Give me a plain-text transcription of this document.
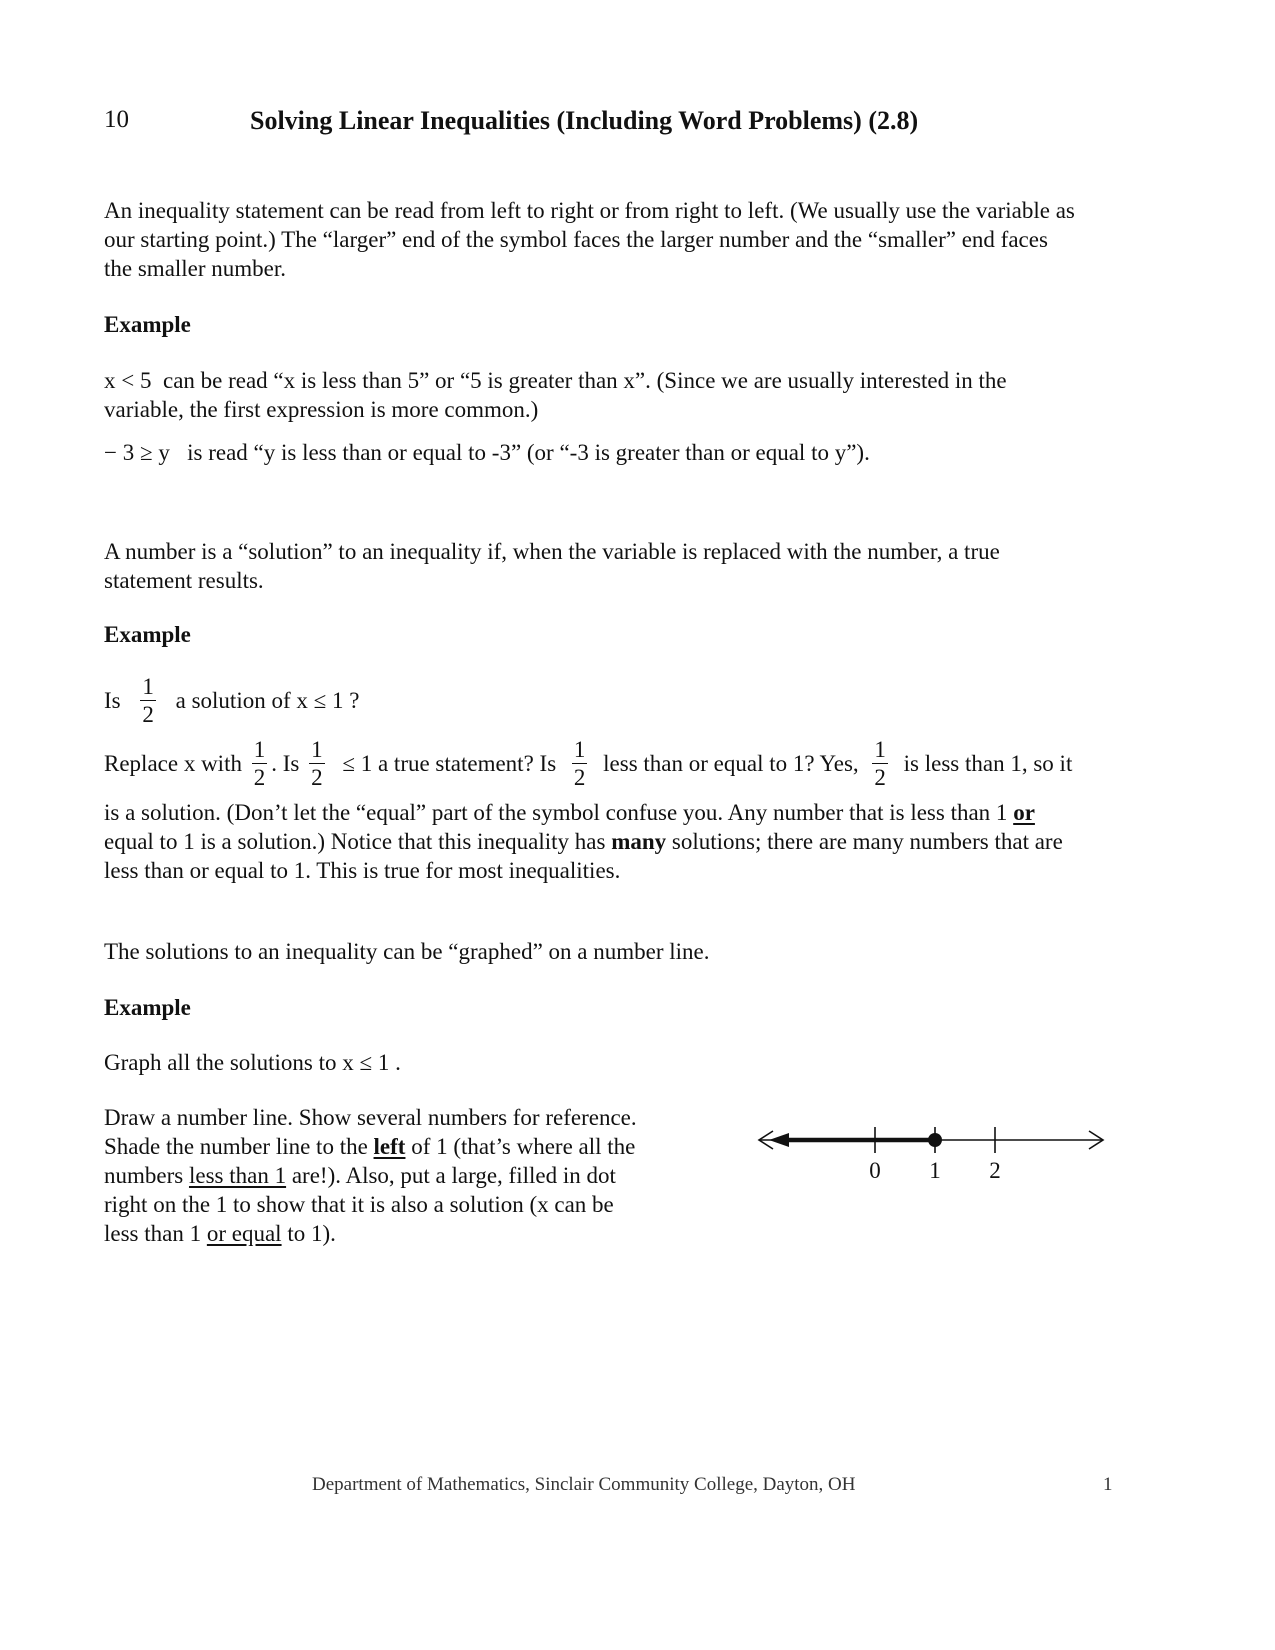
10	Solving Linear Inequalities (Including Word Problems) (2.8)
An inequality statement can be read from left to right or from right to left. (We usually use the variable as
our starting point.) The “larger” end of the symbol faces the larger number and the “smaller” end faces
the smaller number.
Example
x < 5 can be read “x is less than 5” or “5 is greater than x”. (Since we are usually interested in the
variable, the first expression is more common.)
− 3 ≥ y is read “y is less than or equal to -3” (or “-3 is greater than or equal to y”).
A number is a “solution” to an inequality if, when the variable is replaced with the number, a true
statement results.
Example
Is $\frac{1}{2}$ a solution of x ≤ 1 ?
Replace x with $\frac{1}{2}$ . Is $\frac{1}{2} \le 1$ a true statement? Is $\frac{1}{2}$ less than or equal to 1? Yes, $\frac{1}{2}$ is less than 1, so it
is a solution. (Don’t let the “equal” part of the symbol confuse you. Any number that is less than 1 or
equal to 1 is a solution.) Notice that this inequality has many solutions; there are many numbers that are
less than or equal to 1. This is true for most inequalities.
The solutions to an inequality can be “graphed” on a number line.
Example
Graph all the solutions to x ≤ 1 .
Draw a number line. Show several numbers for reference.
Shade the number line to the left of 1 (that’s where all the
numbers less than 1 are!). Also, put a large, filled in dot
right on the 1 to show that it is also a solution (x can be
less than 1 or equal to 1).
0 1 2
Department of Mathematics, Sinclair Community College, Dayton, OH	1
